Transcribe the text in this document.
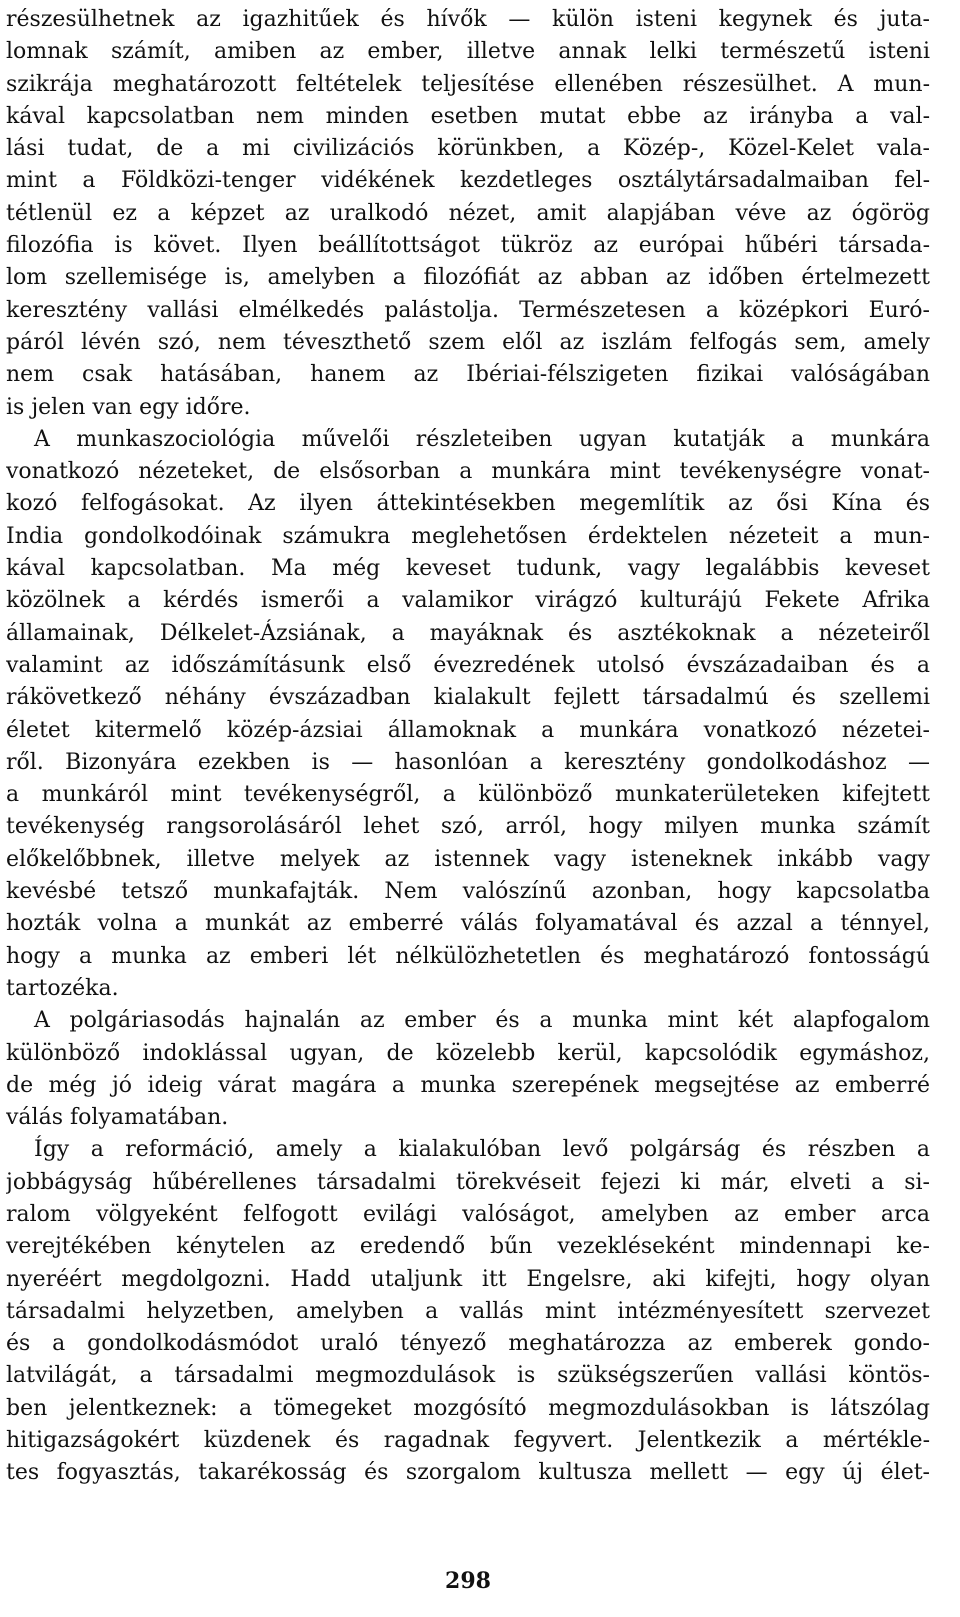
részesülhetnek az igazhitűek és hívők — külön isteni kegynek és juta-
lomnak számít, amiben az ember, illetve annak lelki természetű isteni
szikrája meghatározott feltételek teljesítése ellenében részesülhet. A mun-
kával kapcsolatban nem minden esetben mutat ebbe az irányba a val-
lási tudat, de a mi civilizációs körünkben, a Közép-, Közel-Kelet vala-
mint a Földközi-tenger vidékének kezdetleges osztálytársadalmaiban fel-
tétlenül ez a képzet az uralkodó nézet, amit alapjában véve az ógörög
filozófia is követ. Ilyen beállítottságot tükröz az európai hűbéri társada-
lom szellemisége is, amelyben a filozófiát az abban az időben értelmezett
keresztény vallási elmélkedés palástolja. Természetesen a középkori Euró-
páról lévén szó, nem téveszthető szem elől az iszlám felfogás sem, amely
nem csak hatásában, hanem az Ibériai-félszigeten fizikai valóságában
is jelen van egy időre.
A munkaszociológia művelői részleteiben ugyan kutatják a munkára
vonatkozó nézeteket, de elsősorban a munkára mint tevékenységre vonat-
kozó felfogásokat. Az ilyen áttekintésekben megemlítik az ősi Kína és
India gondolkodóinak számukra meglehetősen érdektelen nézeteit a mun-
kával kapcsolatban. Ma még keveset tudunk, vagy legalábbis keveset
közölnek a kérdés ismerői a valamikor virágzó kulturájú Fekete Afrika
államainak, Délkelet-Ázsiának, a mayáknak és asztékoknak a nézeteiről
valamint az időszámításunk első évezredének utolsó évszázadaiban és a
rákövetkező néhány évszázadban kialakult fejlett társadalmú és szellemi
életet kitermelő közép-ázsiai államoknak a munkára vonatkozó nézetei-
ről. Bizonyára ezekben is — hasonlóan a keresztény gondolkodáshoz —
a munkáról mint tevékenységről, a különböző munkaterületeken kifejtett
tevékenység rangsorolásáról lehet szó, arról, hogy milyen munka számít
előkelőbbnek, illetve melyek az istennek vagy isteneknek inkább vagy
kevésbé tetsző munkafajták. Nem valószínű azonban, hogy kapcsolatba
hozták volna a munkát az emberré válás folyamatával és azzal a ténnyel,
hogy a munka az emberi lét nélkülözhetetlen és meghatározó fontosságú
tartozéka.
A polgáriasodás hajnalán az ember és a munka mint két alapfogalom
különböző indoklással ugyan, de közelebb kerül, kapcsolódik egymáshoz,
de még jó ideig várat magára a munka szerepének megsejtése az emberré
válás folyamatában.
Így a reformáció, amely a kialakulóban levő polgárság és részben a
jobbágyság hűbérellenes társadalmi törekvéseit fejezi ki már, elveti a si-
ralom völgyeként felfogott evilági valóságot, amelyben az ember arca
verejtékében kénytelen az eredendő bűn vezekléseként mindennapi ke-
nyeréért megdolgozni. Hadd utaljunk itt Engelsre, aki kifejti, hogy olyan
társadalmi helyzetben, amelyben a vallás mint intézményesített szervezet
és a gondolkodásmódot uraló tényező meghatározza az emberek gondo-
latvilágát, a társadalmi megmozdulások is szükségszerűen vallási köntös-
ben jelentkeznek: a tömegeket mozgósító megmozdulásokban is látszólag
hitigazságokért küzdenek és ragadnak fegyvert. Jelentkezik a mértékle-
tes fogyasztás, takarékosság és szorgalom kultusza mellett — egy új élet-
298
